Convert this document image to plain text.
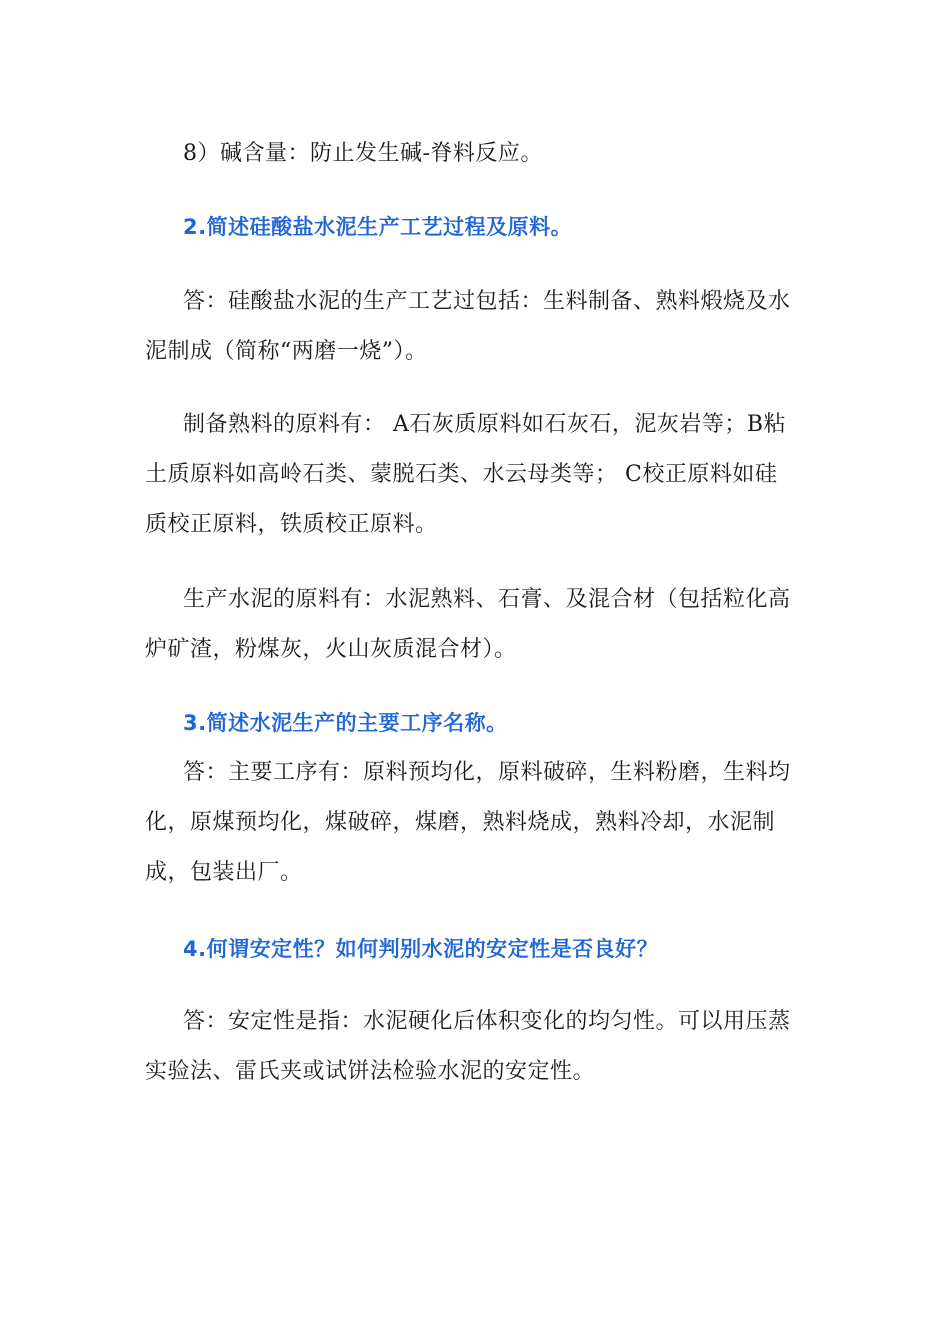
8）碱含量：防止发生碱-脊料反应。
2.简述硅酸盐水泥生产工艺过程及原料。
答：硅酸盐水泥的生产工艺过包括：生料制备、熟料煅烧及水
泥制成（简称“两磨一烧”）。
制备熟料的原料有： A石灰质原料如石灰石，泥灰岩等；B粘
土质原料如高岭石类、蒙脱石类、水云母类等； C校正原料如硅
质校正原料，铁质校正原料。
生产水泥的原料有：水泥熟料、石膏、及混合材（包括粒化高
炉矿渣，粉煤灰，火山灰质混合材）。
3.简述水泥生产的主要工序名称。
答：主要工序有：原料预均化，原料破碎，生料粉磨，生料均
化，原煤预均化，煤破碎，煤磨，熟料烧成，熟料冷却，水泥制
成，包装出厂。
4.何谓安定性？如何判别水泥的安定性是否良好？
答：安定性是指：水泥硬化后体积变化的均匀性。可以用压蒸
实验法、雷氏夹或试饼法检验水泥的安定性。
